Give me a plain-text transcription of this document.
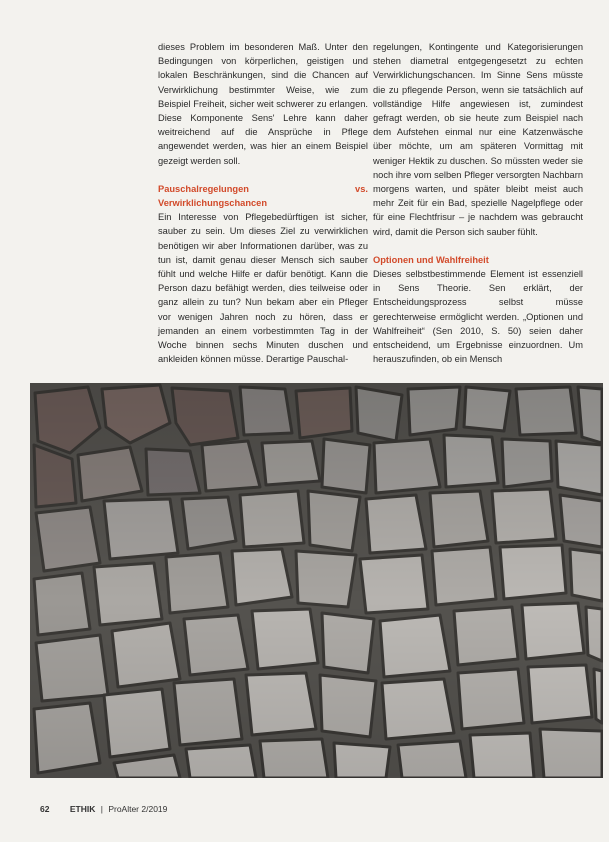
dieses Problem im besonderen Maß. Unter den Bedingungen von körperlichen, geistigen und lokalen Beschränkungen, sind die Chancen auf Verwirklichung bestimmter Weise, wie zum Beispiel Freiheit, sicher weit schwerer zu erlangen. Diese Komponente Sens' Lehre kann daher weitreichend auf die Ansprüche in Pflege angewendet werden, was hier an einem Beispiel gezeigt werden soll.

Pauschalregelungen vs. Verwirklichungschancen

Ein Interesse von Pflegebedürftigen ist sicher, sauber zu sein. Um dieses Ziel zu verwirklichen benötigen wir aber Informationen darüber, was zu tun ist, damit genau dieser Mensch sich sauber fühlt und welche Hilfe er dafür benötigt. Kann die Person dazu befähigt werden, dies teilweise oder ganz allein zu tun? Nun bekam aber ein Pfleger vor wenigen Jahren noch zu hören, dass er jemanden an einem vorbestimmten Tag in der Woche binnen sechs Minuten duschen und ankleiden können müsse. Derartige Pauschal-

regelungen, Kontingente und Kategorisierungen stehen diametral entgegengesetzt zu echten Verwirklichungschancen. Im Sinne Sens müsste die zu pflegende Person, wenn sie tatsächlich auf vollständige Hilfe angewiesen ist, zumindest gefragt werden, ob sie heute zum Beispiel nach dem Aufstehen einmal nur eine Katzenwäsche über möchte, um am späteren Vormittag mit weniger Hektik zu duschen. So müssten weder sie noch ihre vom selben Pfleger versorgten Nachbarn morgens warten, und später bleibt meist auch mehr Zeit für ein Bad, spezielle Nagelpflege oder für eine Flechtfrisur – je nachdem was gebraucht wird, damit die Person sich sauber fühlt.

Optionen und Wahlfreiheit

Dieses selbstbestimmende Element ist essenziell in Sens Theorie. Sen erklärt, der Entscheidungsprozess selbst müsse gerechterweise ermöglicht werden. „Optionen und Wahlfreiheit“ (Sen 2010, S. 50) seien daher entscheidend, um Ergebnisse einzuordnen. Um herauszufinden, ob ein Mensch

62 ETHIK | ProAlter 2/2019
